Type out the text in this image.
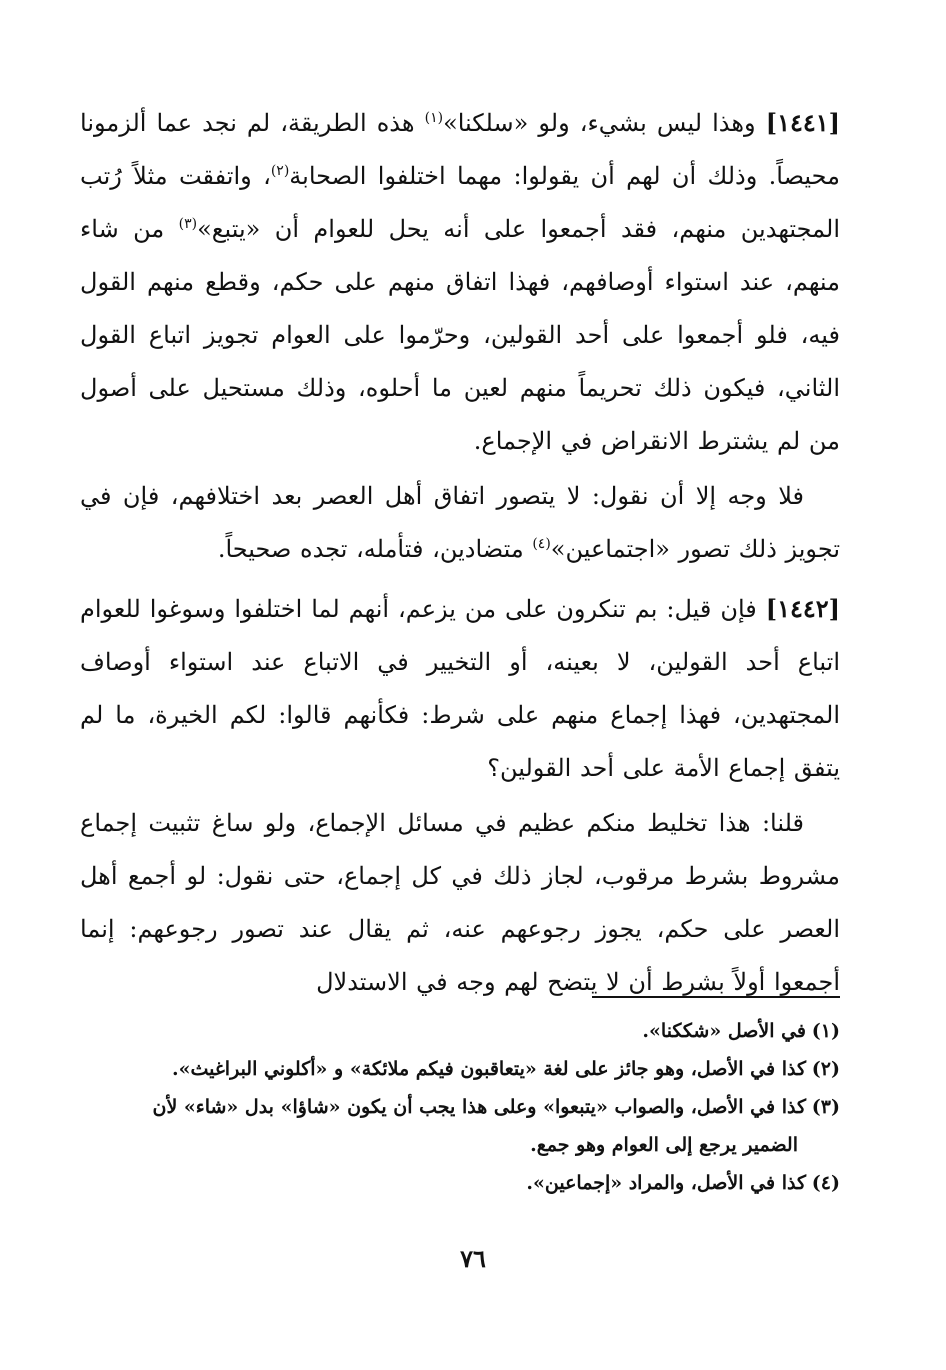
[١٤٤١] وهذا ليس بشيء، ولو «سلكنا»$^{(١)}$ هذه الطريقة، لم نجد عما ألزمونا محيصاً. وذلك أن لهم أن يقولوا: مهما اختلفوا الصحابة$^{(٢)}$، واتفقت مثلاً رُتب المجتهدين منهم، فقد أجمعوا على أنه يحل للعوام أن «يتبع»$^{(٣)}$ من شاء منهم، عند استواء أوصافهم، فهذا اتفاق منهم على حكم، وقطع منهم القول فيه، فلو أجمعوا على أحد القولين، وحرّموا على العوام تجويز اتباع القول الثاني، فيكون ذلك تحريماً منهم لعين ما أحلوه، وذلك مستحيل على أصول من لم يشترط الانقراض في الإجماع.

فلا وجه إلا أن نقول: لا يتصور اتفاق أهل العصر بعد اختلافهم، فإن في تجويز ذلك تصور «اجتماعين»$^{(٤)}$ متضادين، فتأمله، تجده صحيحاً.

[١٤٤٢] فإن قيل: بم تنكرون على من يزعم، أنهم لما اختلفوا وسوغوا للعوام اتباع أحد القولين، لا بعينه، أو التخيير في الاتباع عند استواء أوصاف المجتهدين، فهذا إجماع منهم على شرط: فكأنهم قالوا: لكم الخيرة، ما لم يتفق إجماع الأمة على أحد القولين؟

قلنا: هذا تخليط منكم عظيم في مسائل الإجماع، ولو ساغ تثبيت إجماع مشروط بشرط مرقوب، لجاز ذلك في كل إجماع، حتى نقول: لو أجمع أهل العصر على حكم، يجوز رجوعهم عنه، ثم يقال عند تصور رجوعهم: إنما أجمعوا أولاً بشرط أن لا يتضح لهم وجه في الاستدلال

(١)في الأصل «شككنا».

(٢)كذا في الأصل، وهو جائز على لغة «يتعاقبون فيكم ملائكة» و «أكلوني البراغيث».

(٣)كذا في الأصل، والصواب «يتبعوا» وعلى هذا يجب أن يكون «شاؤا» بدل «شاء» لأن

الضمير يرجع إلى العوام وهو جمع.

(٤)كذا في الأصل، والمراد «إجماعين».

٧٦
